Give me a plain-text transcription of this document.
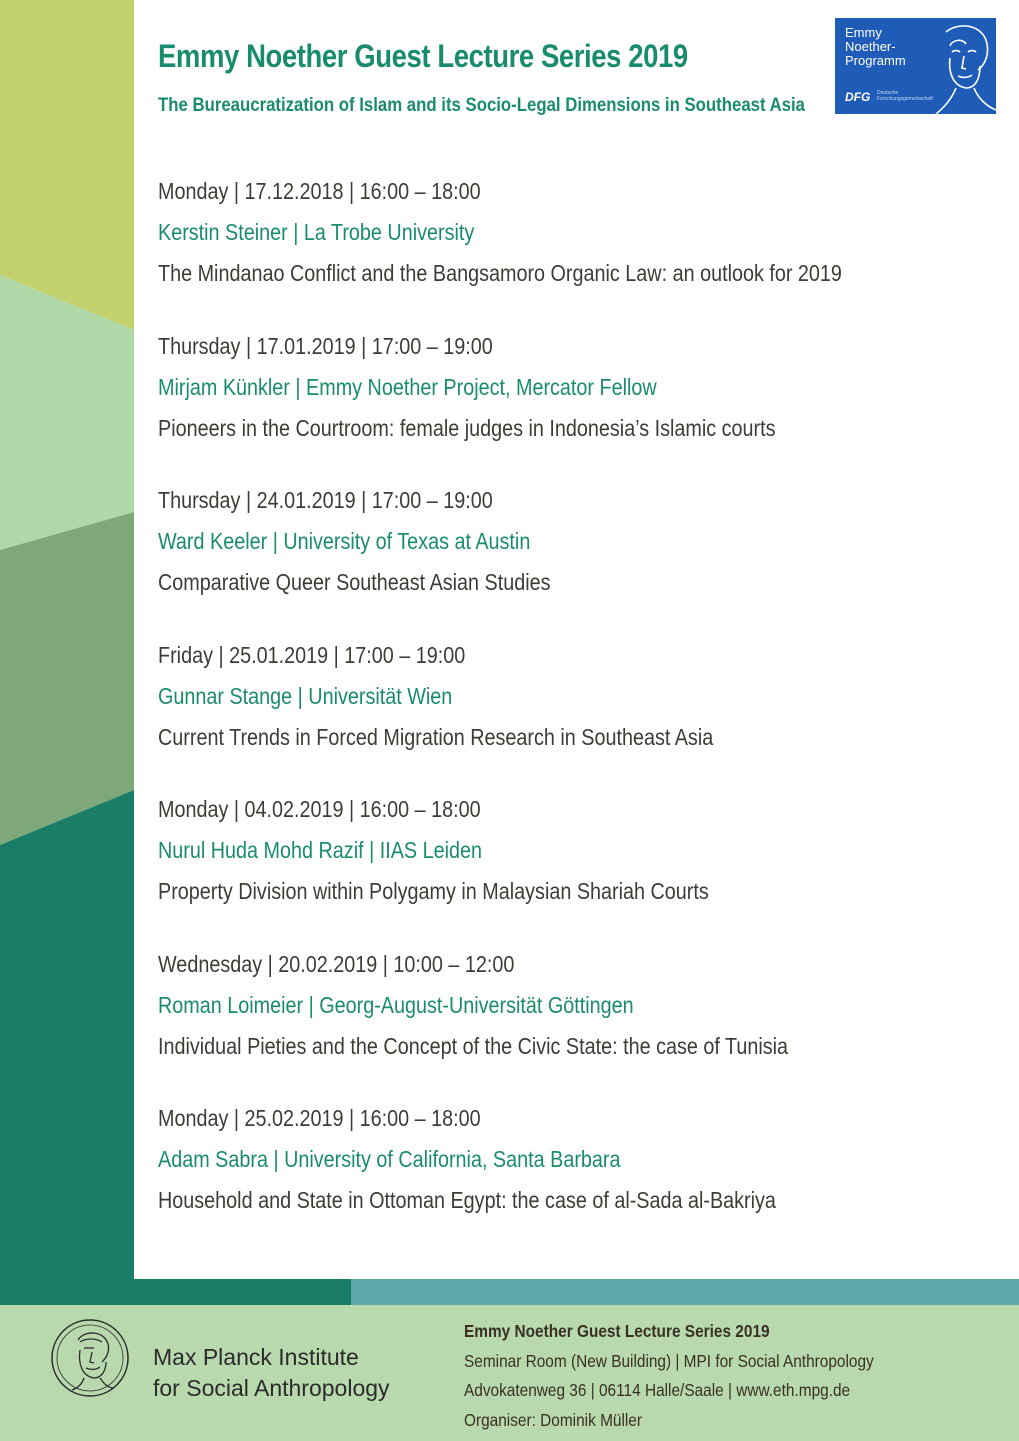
Emmy Noether Guest Lecture Series 2019
The Bureaucratization of Islam and its Socio-Legal Dimensions in Southeast Asia
Emmy
Noether-
Programm
DFG Deutsche Forschungsgemeinschaft
Monday | 17.12.2018 | 16:00 – 18:00
Kerstin Steiner | La Trobe University
The Mindanao Conflict and the Bangsamoro Organic Law: an outlook for 2019
Thursday | 17.01.2019 | 17:00 – 19:00
Mirjam Künkler | Emmy Noether Project, Mercator Fellow
Pioneers in the Courtroom: female judges in Indonesia’s Islamic courts
Thursday | 24.01.2019 | 17:00 – 19:00
Ward Keeler | University of Texas at Austin
Comparative Queer Southeast Asian Studies
Friday | 25.01.2019 | 17:00 – 19:00
Gunnar Stange | Universität Wien
Current Trends in Forced Migration Research in Southeast Asia
Monday | 04.02.2019 | 16:00 – 18:00
Nurul Huda Mohd Razif | IIAS Leiden
Property Division within Polygamy in Malaysian Shariah Courts
Wednesday | 20.02.2019 | 10:00 – 12:00
Roman Loimeier | Georg-August-Universität Göttingen
Individual Pieties and the Concept of the Civic State: the case of Tunisia
Monday | 25.02.2019 | 16:00 – 18:00
Adam Sabra | University of California, Santa Barbara
Household and State in Ottoman Egypt: the case of al-Sada al-Bakriya
Max Planck Institute
for Social Anthropology
Emmy Noether Guest Lecture Series 2019
Seminar Room (New Building) | MPI for Social Anthropology
Advokatenweg 36 | 06114 Halle/Saale | www.eth.mpg.de
Organiser: Dominik Müller
